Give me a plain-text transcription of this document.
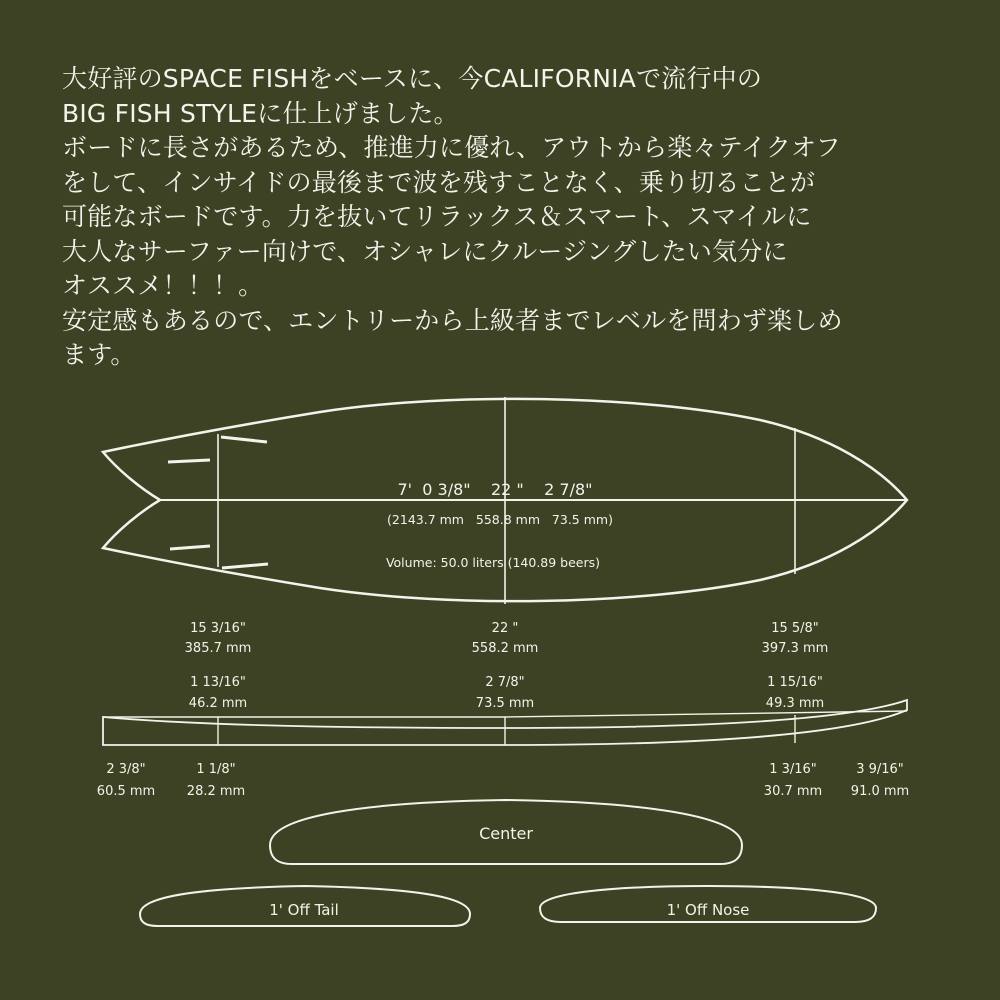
大好評のSPACE FISHをベースに、今CALIFORNIAで流行中の
BIG FISH STYLEに仕上げました。
ボードに長さがあるため、推進力に優れ、アウトから楽々テイクオフ
をして、インサイドの最後まで波を残すことなく、乗り切ることが
可能なボードです。力を抜いてリラックス＆スマート、スマイルに
大人なサーファー向けで、オシャレにクルージングしたい気分に
オススメ！！！。
安定感もあるので、エントリーから上級者までレベルを問わず楽しめ
ます。
7'  0 3/8"    22 "    2 7/8"
(2143.7 mm   558.8 mm   73.5 mm)
Volume: 50.0 liters (140.89 beers)
15 3/16"
385.7 mm
22 "
558.2 mm
15 5/8"
397.3 mm
1 13/16"
46.2 mm
2 7/8"
73.5 mm
1 15/16"
49.3 mm
2 3/8"
60.5 mm
1 1/8"
28.2 mm
1 3/16"
30.7 mm
3 9/16"
91.0 mm
Center
1' Off Tail	1' Off Nose
